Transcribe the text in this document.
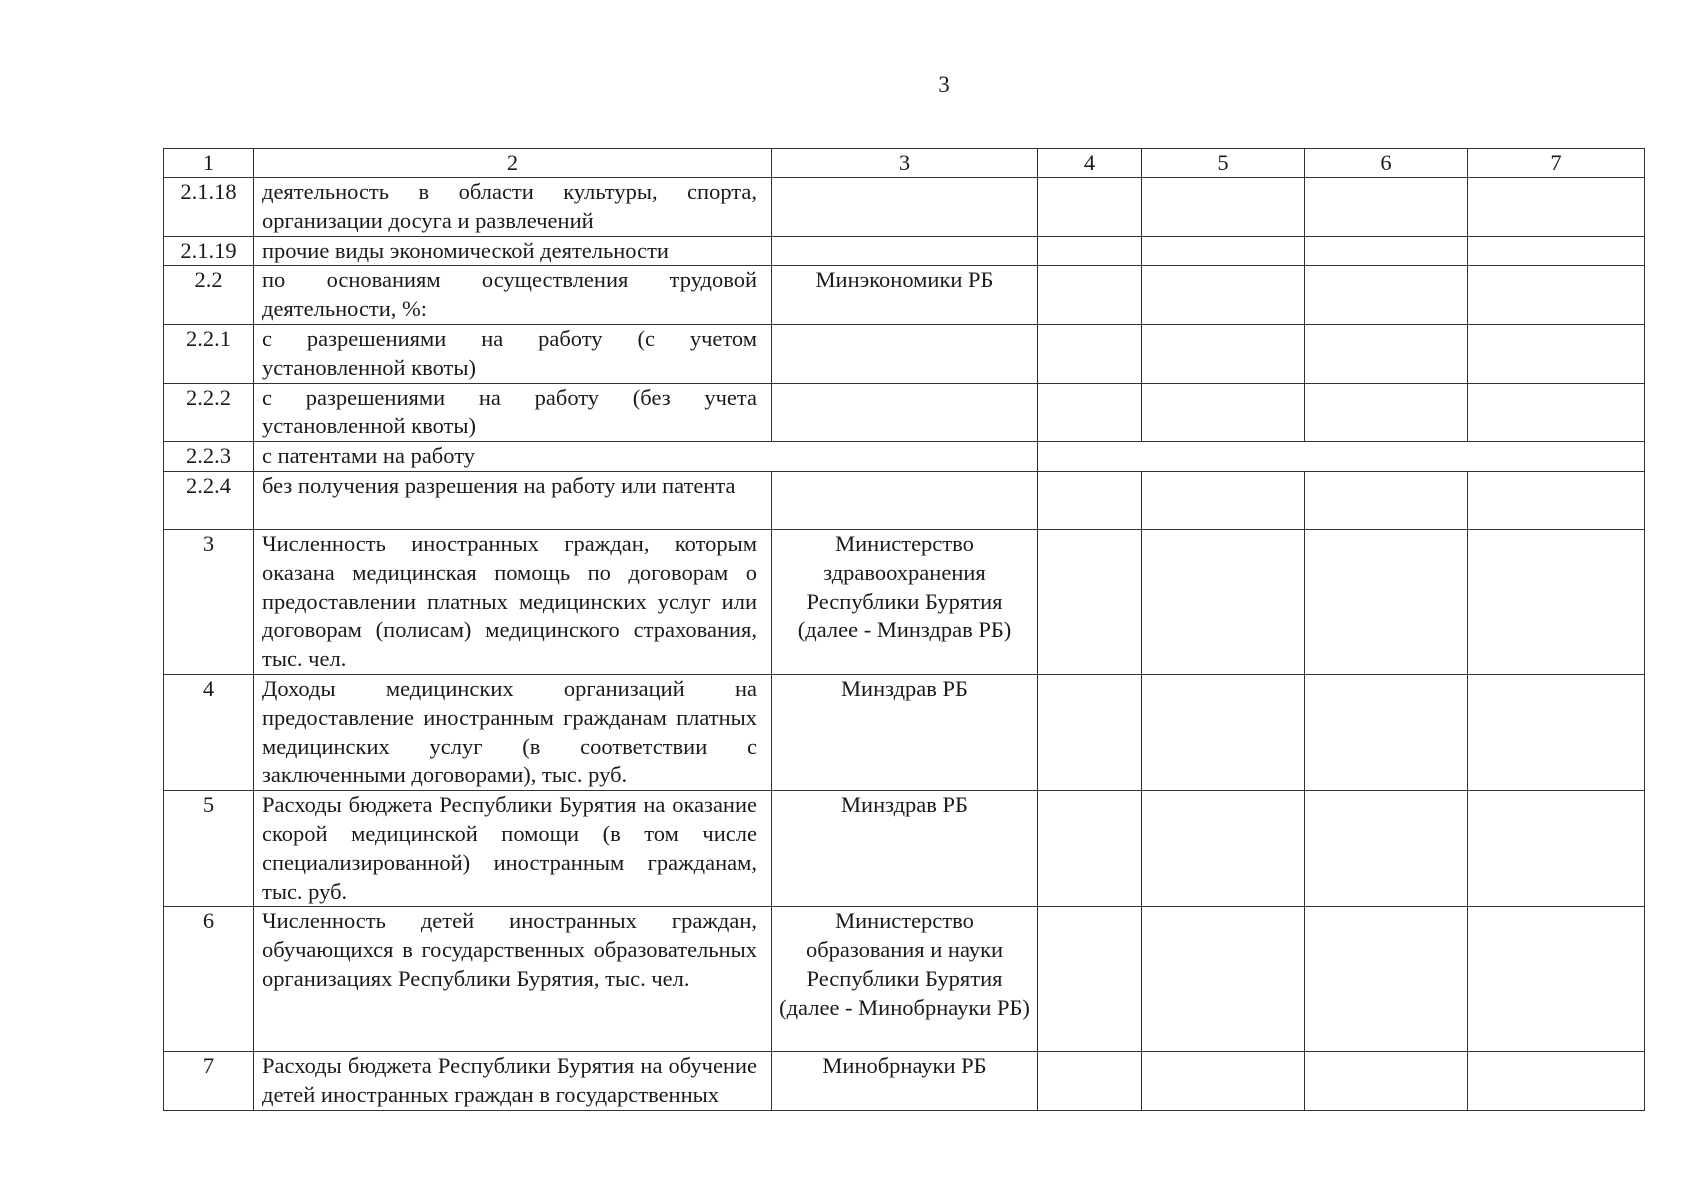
3
1	2	3	4	5	6	7
2.1.18	деятельность в области культуры, спорта, организации досуга и развлечений					
2.1.19	прочие виды экономической деятельности					
2.2	по основаниям осуществления трудовой деятельности, %:	Минэкономики РБ				
2.2.1	с разрешениями на работу (с учетом установленной квоты)					
2.2.2	с разрешениями на работу (без учета установленной квоты)					
2.2.3	с патентами на работу					
2.2.4	без получения разрешения на работу или патента					
3	Численность иностранных граждан, которым оказана медицинская помощь по договорам о предоставлении платных медицинских услуг или договорам (полисам) медицинского страхования, тыс. чел.	Министерство здравоохранения Республики Бурятия (далее - Минздрав РБ)				
4	Доходы медицинских организаций на предоставление иностранным гражданам платных медицинских услуг (в соответствии с заключенными договорами), тыс. руб.	Минздрав РБ				
5	Расходы бюджета Республики Бурятия на оказание скорой медицинской помощи (в том числе специализированной) иностранным гражданам, тыс. руб.	Минздрав РБ				
6	Численность детей иностранных граждан, обучающихся в государственных образовательных организациях Республики Бурятия, тыс. чел.	Министерство образования и науки Республики Бурятия (далее - Минобрнауки РБ)				
7	Расходы бюджета Республики Бурятия на обучение детей иностранных граждан в государственных	Минобрнауки РБ				
